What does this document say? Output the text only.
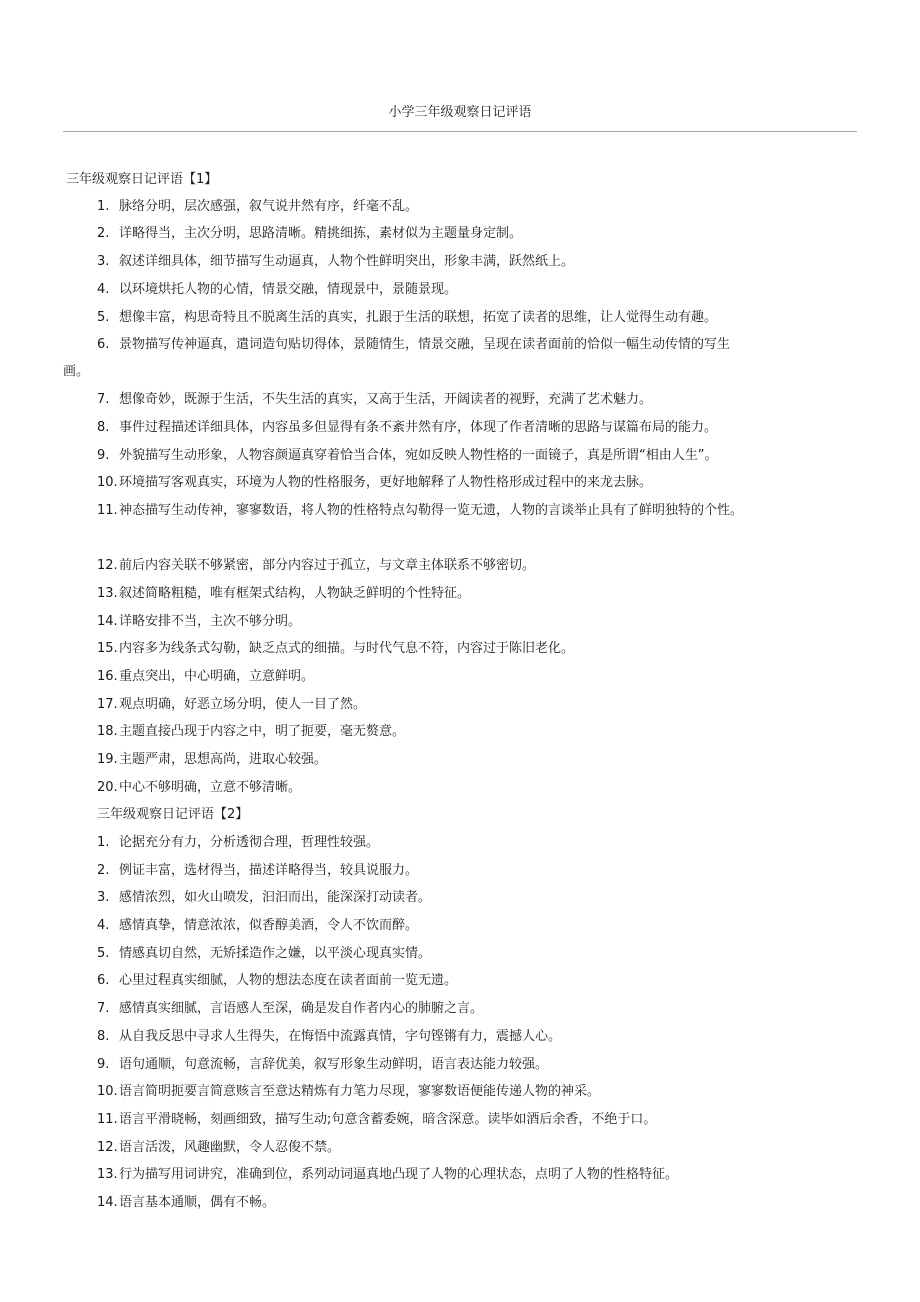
小学三年级观察日记评语
三年级观察日记评语【1】
1. 脉络分明，层次感强，叙气说井然有序，纤毫不乱。
2. 详略得当，主次分明，思路清晰。精挑细拣，素材似为主题量身定制。
3. 叙述详细具体，细节描写生动逼真，人物个性鲜明突出，形象丰满，跃然纸上。
4. 以环境烘托人物的心情，情景交融，情现景中，景随景现。
5. 想像丰富，构思奇特且不脱离生活的真实，扎跟于生活的联想，拓宽了读者的思维，让人觉得生动有趣。
6. 景物描写传神逼真，遣词造句贴切得体，景随情生，情景交融，呈现在读者面前的恰似一幅生动传情的写生
画。
7. 想像奇妙，既源于生活，不失生活的真实，又高于生活，开阔读者的视野，充满了艺术魅力。
8. 事件过程描述详细具体，内容虽多但显得有条不紊井然有序，体现了作者清晰的思路与谋篇布局的能力。
9. 外貌描写生动形象，人物容颜逼真穿着恰当合体，宛如反映人物性格的一面镜子，真是所谓“相由人生”。
10.环境描写客观真实，环境为人物的性格服务，更好地解释了人物性格形成过程中的来龙去脉。
11.神态描写生动传神，寥寥数语，将人物的性格特点勾勒得一览无遗，人物的言谈举止具有了鲜明独特的个性。
12.前后内容关联不够紧密，部分内容过于孤立，与文章主体联系不够密切。
13.叙述简略粗糙，唯有框架式结构，人物缺乏鲜明的个性特征。
14.详略安排不当，主次不够分明。
15.内容多为线条式勾勒，缺乏点式的细描。与时代气息不符，内容过于陈旧老化。
16.重点突出，中心明确，立意鲜明。
17.观点明确，好恶立场分明，使人一目了然。
18.主题直接凸现于内容之中，明了扼要，毫无赘意。
19.主题严肃，思想高尚，进取心较强。
20.中心不够明确，立意不够清晰。
三年级观察日记评语【2】
1. 论据充分有力，分析透彻合理，哲理性较强。
2. 例证丰富，选材得当，描述详略得当，较具说服力。
3. 感情浓烈，如火山喷发，汩汩而出，能深深打动读者。
4. 感情真挚，情意浓浓，似香醇美酒，令人不饮而醉。
5. 情感真切自然，无矫揉造作之嫌，以平淡心现真实情。
6. 心里过程真实细腻，人物的想法态度在读者面前一览无遗。
7. 感情真实细腻，言语感人至深，确是发自作者内心的肺腑之言。
8. 从自我反思中寻求人生得失，在悔悟中流露真情，字句铿锵有力，震撼人心。
9. 语句通顺，句意流畅，言辞优美，叙写形象生动鲜明，语言表达能力较强。
10.语言简明扼要言简意赅言至意达精炼有力笔力尽现，寥寥数语便能传递人物的神采。
11.语言平滑晓畅，刻画细致，描写生动;句意含蓄委婉，暗含深意。读毕如酒后余香，不绝于口。
12.语言活泼，风趣幽默，令人忍俊不禁。
13.行为描写用词讲究，准确到位，系列动词逼真地凸现了人物的心理状态，点明了人物的性格特征。
14.语言基本通顺，偶有不畅。
